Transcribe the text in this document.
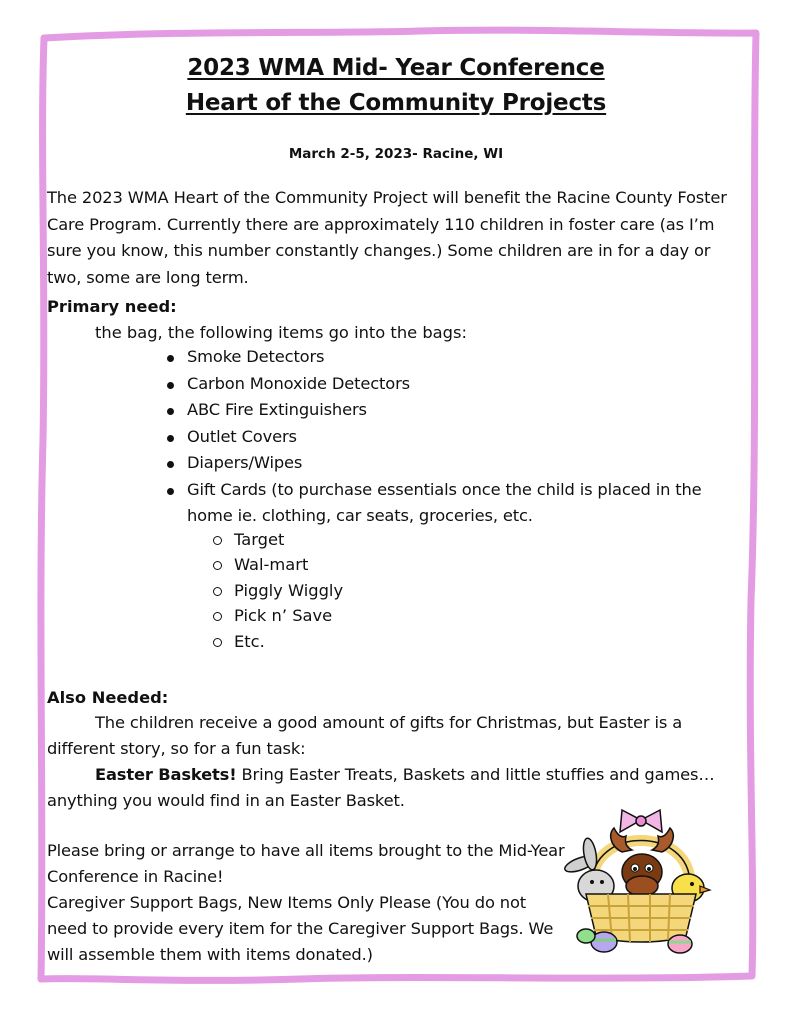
2023 WMA Mid- Year Conference
Heart of the Community Projects
March 2-5, 2023- Racine, WI
The 2023 WMA Heart of the Community Project will benefit the Racine County Foster Care Program. Currently there are approximately 110 children in foster care (as I’m sure you know, this number constantly changes.) Some children are in for a day or two, some are long term.
Primary need:
the bag, the following items go into the bags:
Smoke Detectors
Carbon Monoxide Detectors
ABC Fire Extinguishers
Outlet Covers
Diapers/Wipes
Gift Cards (to purchase essentials once the child is placed in the home ie. clothing, car seats, groceries, etc.
Target
Wal-mart
Piggly Wiggly
Pick n’ Save
Etc.
Also Needed:
The children receive a good amount of gifts for Christmas, but Easter is a different story, so for a fun task:
Easter Baskets! Bring Easter Treats, Baskets and little stuffies and games… anything you would find in an Easter Basket.
Please bring or arrange to have all items brought to the Mid-Year Conference in Racine!
Caregiver Support Bags, New Items Only Please (You do not need to provide every item for the Caregiver Support Bags. We will assemble them with items donated.)
